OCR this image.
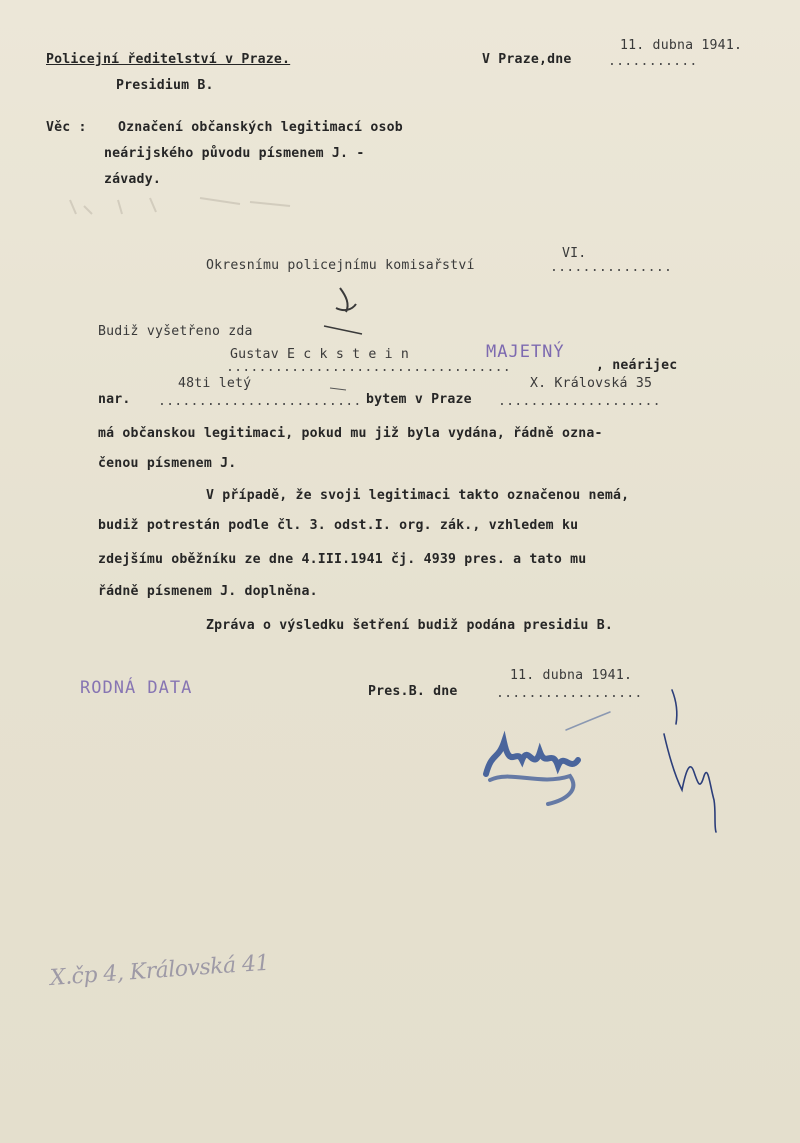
Policejní ředitelství v Praze.
Presidium B.
V Praze,dne	...........
11. dubna 1941.
Věc : Označení občanských legitimací osob
neárijského původu písmenem J. -
závady.
Okresnímu policejnímu komisařství	...............
VI.
Budiž vyšetřeno zda
Gustav E c k s t e i n
...................................	, neárijec
nar.
48ti letý
......................... bytem v Praze
X. Královská 35
....................
má občanskou legitimaci, pokud mu již byla vydána, řádně ozna-
čenou písmenem J.
V případě, že svoji legitimaci takto označenou nemá,
budiž potrestán podle čl. 3. odst.I. org. zák., vzhledem ku
zdejšímu oběžníku ze dne 4.III.1941 čj. 4939 pres. a tato mu
řádně písmenem J. doplněna.
Zpráva o výsledku šetření budiž podána presidiu B.
Pres.B. dne	..................
11. dubna 1941.
MAJETNÝ
RODNÁ DATA
X.čp 4, Královská 41
